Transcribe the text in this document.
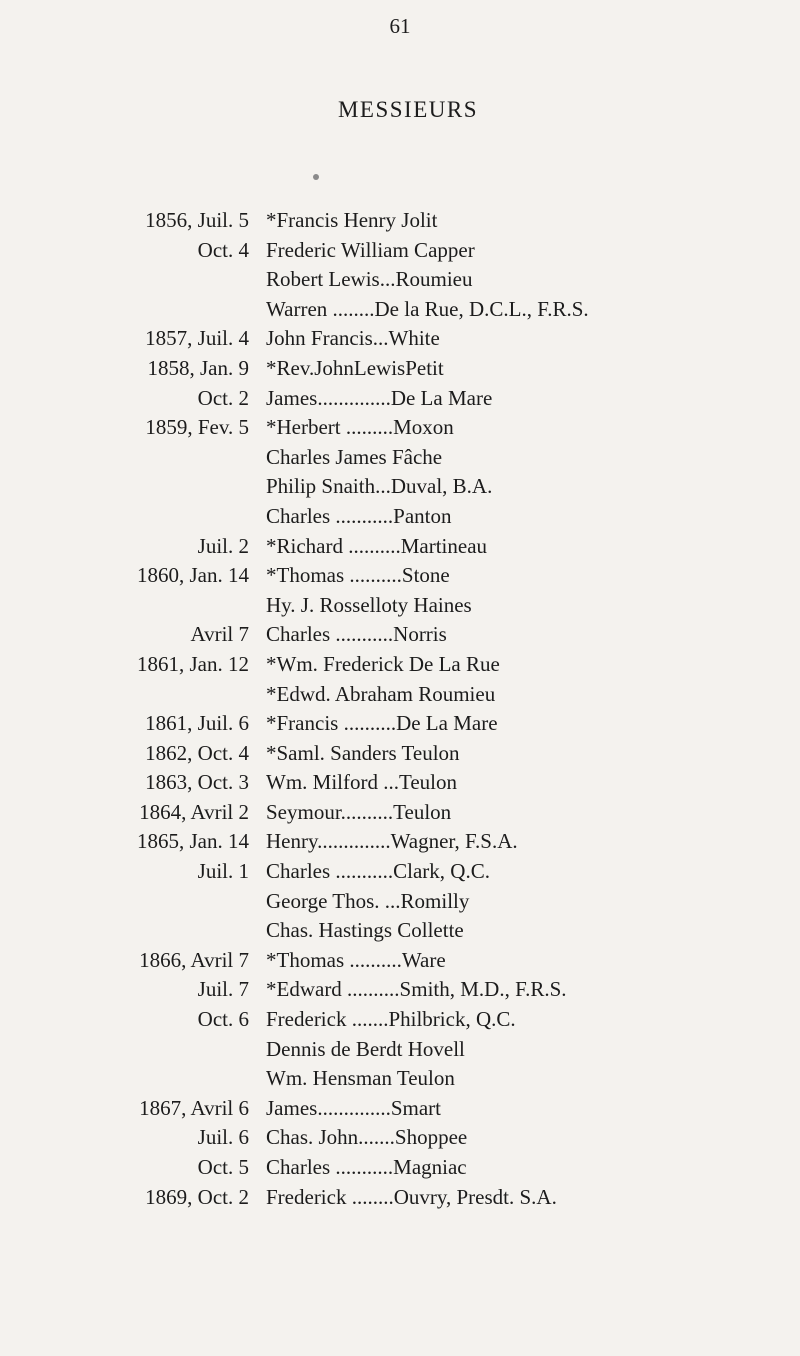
61
MESSIEURS
1856, Juil. 5 *Francis Henry Jolit
Oct. 4 Frederic William Capper
Robert Lewis...Roumieu
Warren ........De la Rue, D.C.L., F.R.S.
1857, Juil. 4 John Francis...White
1858, Jan. 9 *Rev.JohnLewisPetit
Oct. 2 James..............De La Mare
1859, Fev. 5 *Herbert .........Moxon
Charles James Fâche
Philip Snaith...Duval, B.A.
Charles ...........Panton
Juil. 2 *Richard ..........Martineau
1860, Jan. 14 *Thomas ..........Stone
Hy. J. Rosselloty Haines
Avril 7 Charles ...........Norris
1861, Jan. 12 *Wm. Frederick De La Rue
*Edwd. Abraham Roumieu
1861, Juil. 6 *Francis ..........De La Mare
1862, Oct. 4 *Saml. Sanders Teulon
1863, Oct. 3 Wm. Milford ...Teulon
1864, Avril 2 Seymour..........Teulon
1865, Jan. 14 Henry..............Wagner, F.S.A.
Juil. 1 Charles ...........Clark, Q.C.
George Thos. ...Romilly
Chas. Hastings Collette
1866, Avril 7 *Thomas ..........Ware
Juil. 7 *Edward ..........Smith, M.D., F.R.S.
Oct. 6 Frederick .......Philbrick, Q.C.
Dennis de Berdt Hovell
Wm. Hensman Teulon
1867, Avril 6 James..............Smart
Juil. 6 Chas. John.......Shoppee
Oct. 5 Charles ...........Magniac
1869, Oct. 2 Frederick ........Ouvry, Presdt. S.A.
